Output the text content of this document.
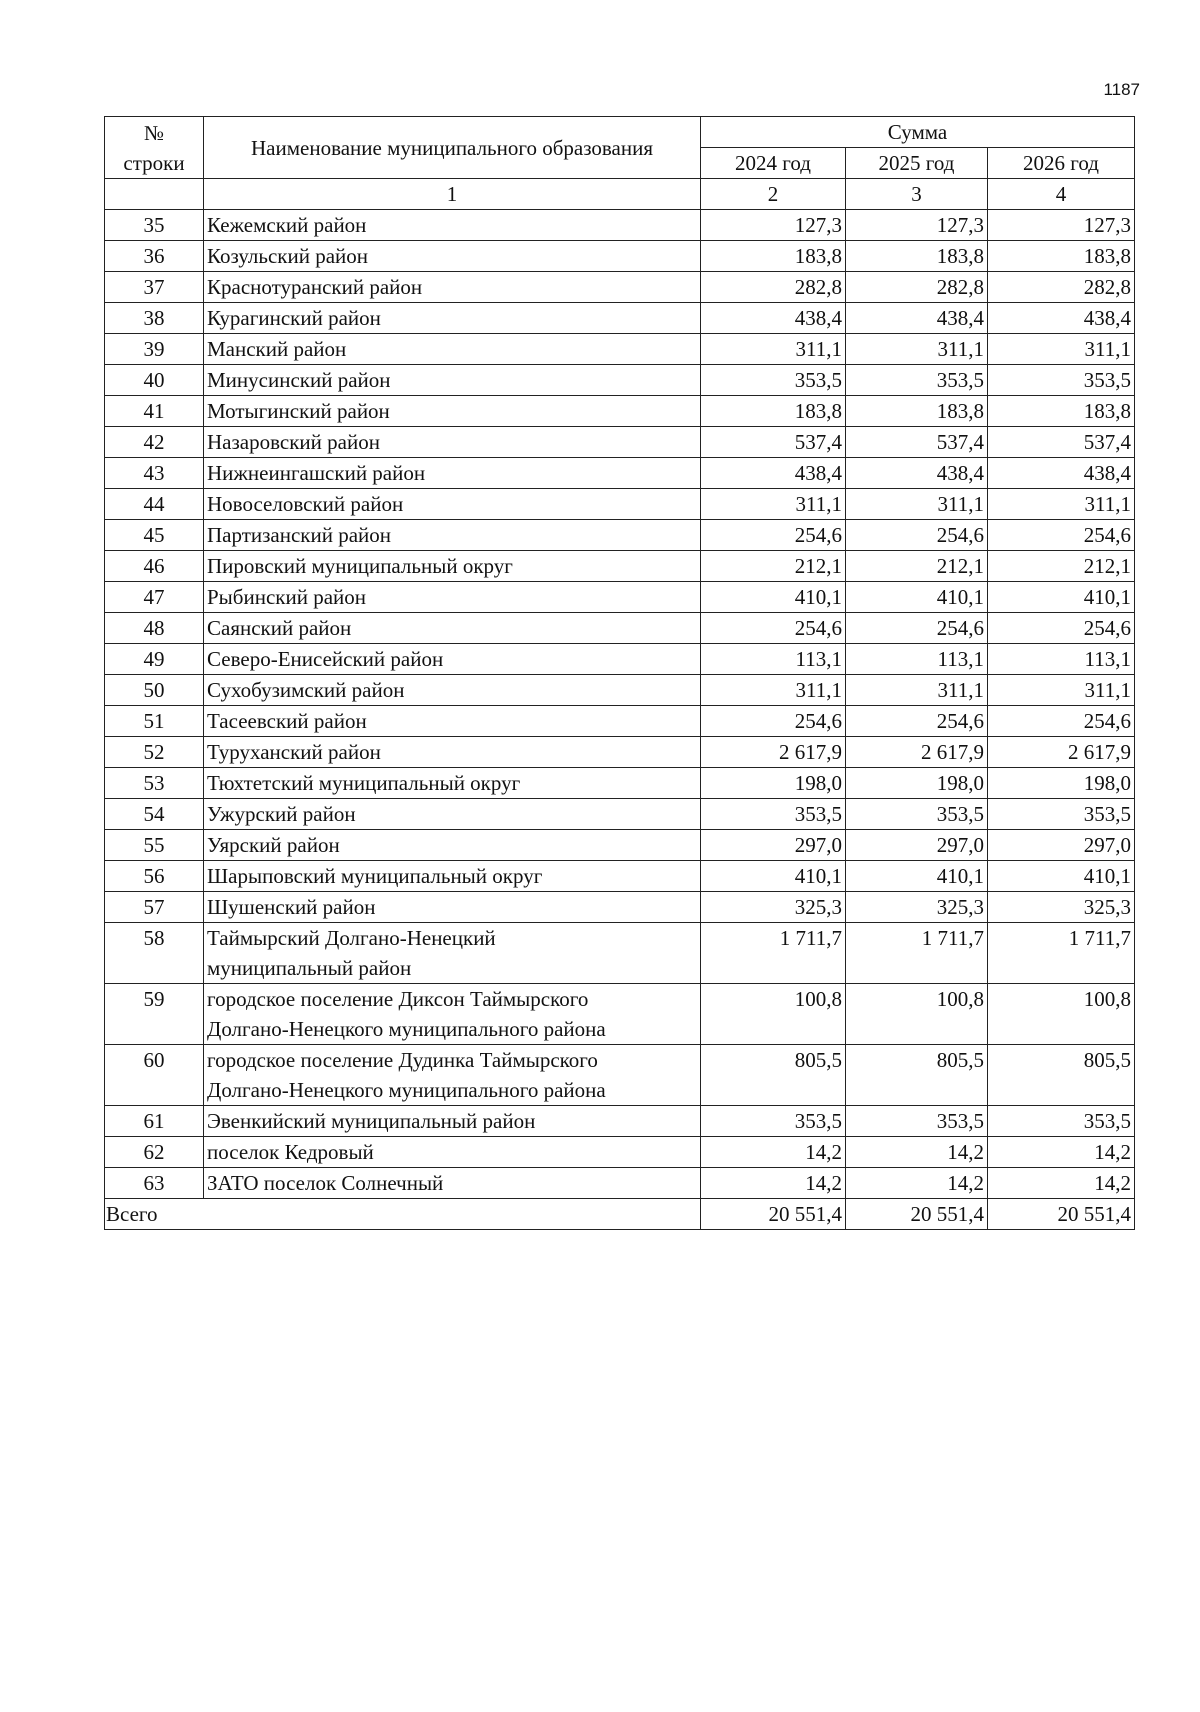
1187
№
строки	Наименование муниципального образования	Сумма		
		2024 год	2025 год	2026 год
	1	2	3	4
35	Кежемский район	127,3	127,3	127,3
36	Козульский район	183,8	183,8	183,8
37	Краснотуранский район	282,8	282,8	282,8
38	Курагинский район	438,4	438,4	438,4
39	Манский район	311,1	311,1	311,1
40	Минусинский район	353,5	353,5	353,5
41	Мотыгинский район	183,8	183,8	183,8
42	Назаровский район	537,4	537,4	537,4
43	Нижнеингашский район	438,4	438,4	438,4
44	Новоселовский район	311,1	311,1	311,1
45	Партизанский район	254,6	254,6	254,6
46	Пировский муниципальный округ	212,1	212,1	212,1
47	Рыбинский район	410,1	410,1	410,1
48	Саянский район	254,6	254,6	254,6
49	Северо-Енисейский район	113,1	113,1	113,1
50	Сухобузимский район	311,1	311,1	311,1
51	Тасеевский район	254,6	254,6	254,6
52	Туруханский район	2 617,9	2 617,9	2 617,9
53	Тюхтетский муниципальный округ	198,0	198,0	198,0
54	Ужурский район	353,5	353,5	353,5
55	Уярский район	297,0	297,0	297,0
56	Шарыповский муниципальный округ	410,1	410,1	410,1
57	Шушенский район	325,3	325,3	325,3
58	Таймырский Долгано-Ненецкий
муниципальный район	1 711,7	1 711,7	1 711,7
59	городское поселение Диксон Таймырского
Долгано-Ненецкого муниципального района	100,8	100,8	100,8
60	городское поселение Дудинка Таймырского
Долгано-Ненецкого муниципального района	805,5	805,5	805,5
61	Эвенкийский муниципальный район	353,5	353,5	353,5
62	поселок Кедровый	14,2	14,2	14,2
63	ЗАТО поселок Солнечный	14,2	14,2	14,2
Всего		20 551,4	20 551,4	20 551,4
